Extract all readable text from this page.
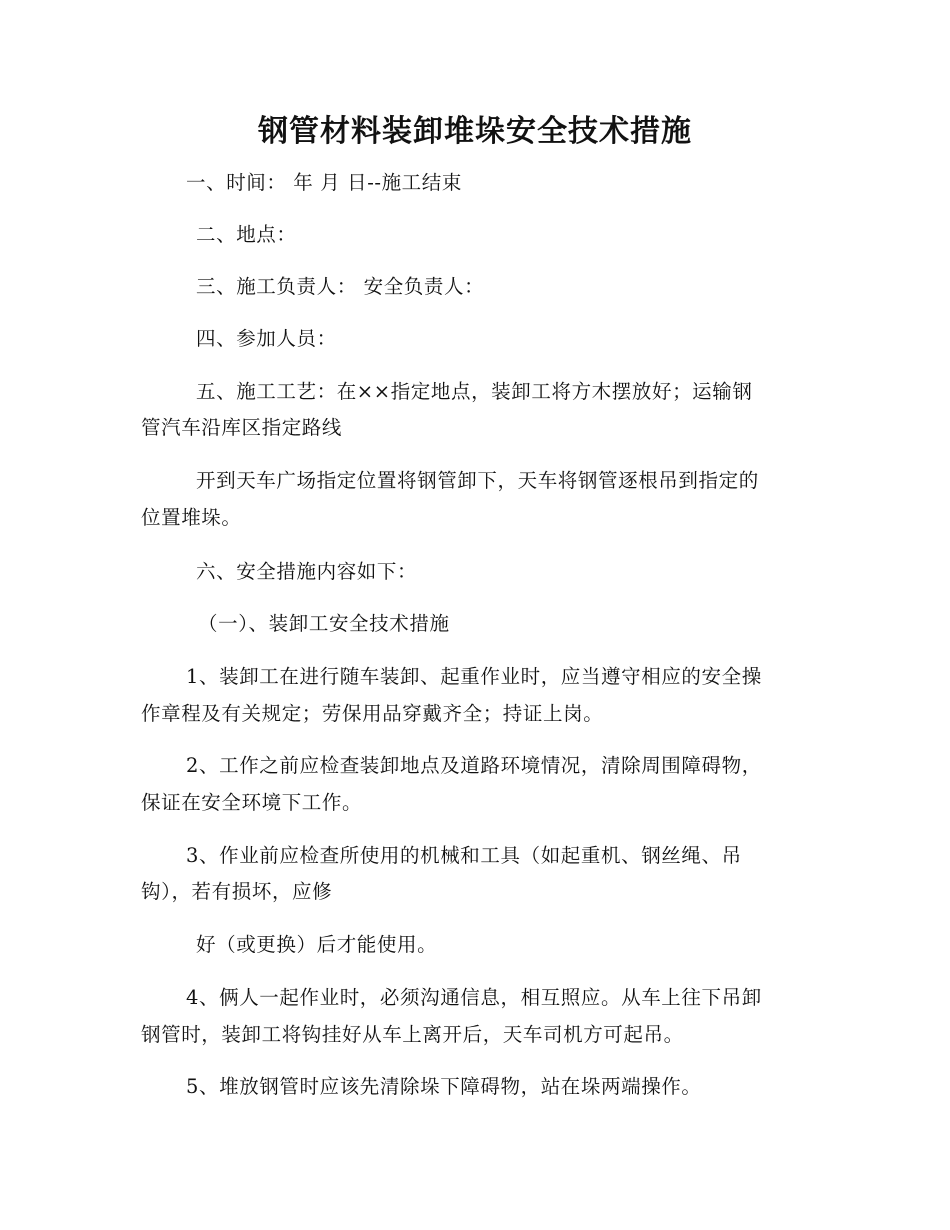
钢管材料装卸堆垛安全技术措施

一、时间： 年 月 日--施工结束

二、地点：

三、施工负责人： 安全负责人：

四、参加人员：

五、施工工艺：在××指定地点，装卸工将方木摆放好；运输钢

管汽车沿库区指定路线

开到天车广场指定位置将钢管卸下，天车将钢管逐根吊到指定的

位置堆垛。

六、安全措施内容如下：

（一）、装卸工安全技术措施

1、装卸工在进行随车装卸、起重作业时，应当遵守相应的安全操

作章程及有关规定；劳保用品穿戴齐全；持证上岗。

2、工作之前应检查装卸地点及道路环境情况，清除周围障碍物，

保证在安全环境下工作。

3、作业前应检查所使用的机械和工具（如起重机、钢丝绳、吊

钩），若有损坏，应修

好（或更换）后才能使用。

4、俩人一起作业时，必须沟通信息，相互照应。从车上往下吊卸

钢管时，装卸工将钩挂好从车上离开后，天车司机方可起吊。

5、堆放钢管时应该先清除垛下障碍物，站在垛两端操作。
